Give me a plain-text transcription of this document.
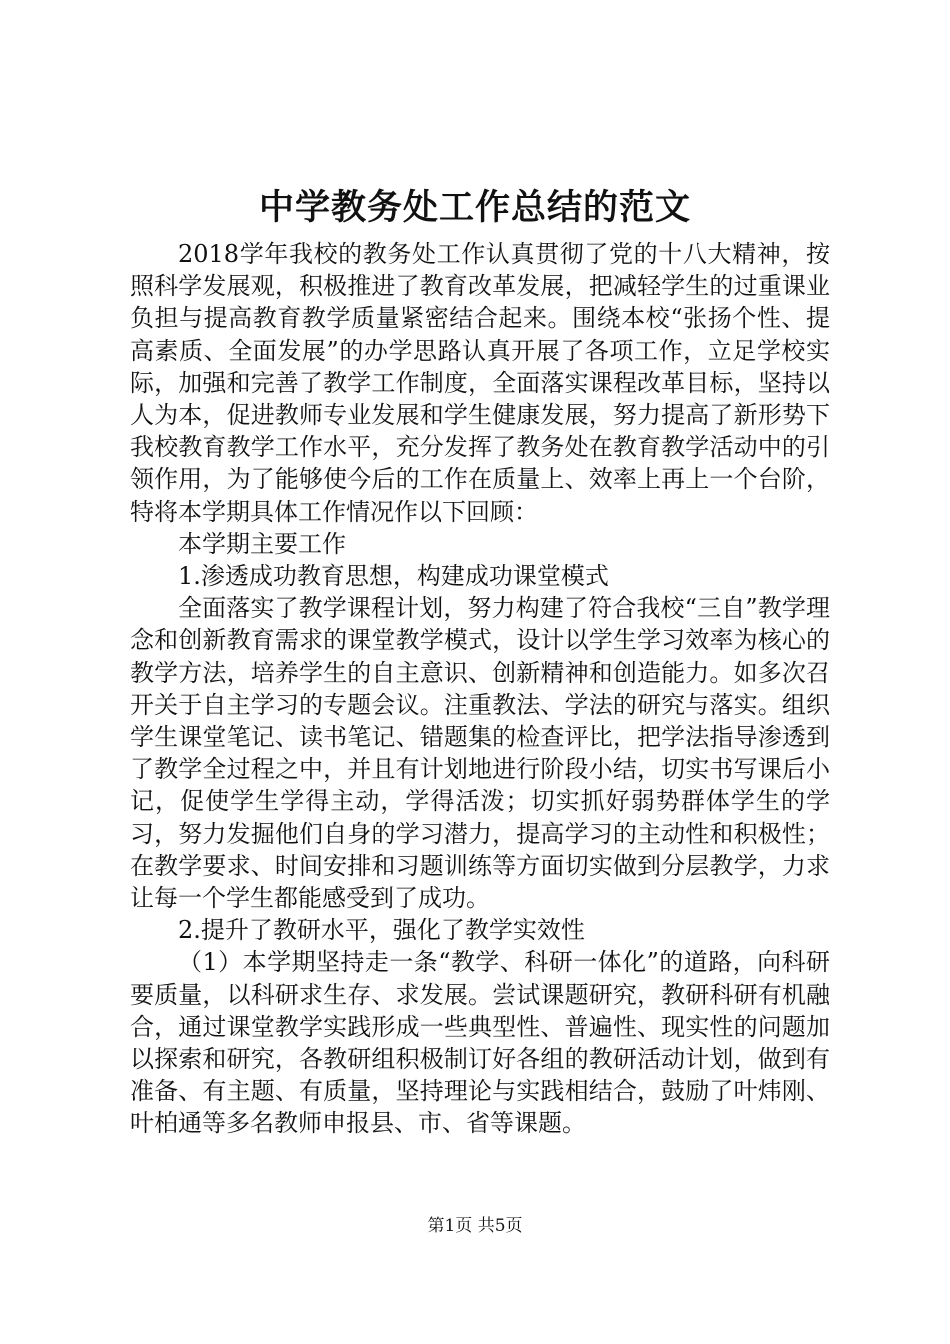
中学教务处工作总结的范文

2018学年我校的教务处工作认真贯彻了党的十八大精神，按照科学发展观，积极推进了教育改革发展，把减轻学生的过重课业负担与提高教育教学质量紧密结合起来。围绕本校“张扬个性、提高素质、全面发展”的办学思路认真开展了各项工作，立足学校实际，加强和完善了教学工作制度，全面落实课程改革目标，坚持以人为本，促进教师专业发展和学生健康发展，努力提高了新形势下我校教育教学工作水平，充分发挥了教务处在教育教学活动中的引领作用，为了能够使今后的工作在质量上、效率上再上一个台阶，特将本学期具体工作情况作以下回顾：

本学期主要工作

1.渗透成功教育思想，构建成功课堂模式

全面落实了教学课程计划，努力构建了符合我校“三自”教学理念和创新教育需求的课堂教学模式，设计以学生学习效率为核心的教学方法，培养学生的自主意识、创新精神和创造能力。如多次召开关于自主学习的专题会议。注重教法、学法的研究与落实。组织学生课堂笔记、读书笔记、错题集的检查评比，把学法指导渗透到了教学全过程之中，并且有计划地进行阶段小结，切实书写课后小记，促使学生学得主动，学得活泼；切实抓好弱势群体学生的学习，努力发掘他们自身的学习潜力，提高学习的主动性和积极性；在教学要求、时间安排和习题训练等方面切实做到分层教学，力求让每一个学生都能感受到了成功。

2.提升了教研水平，强化了教学实效性

（1）本学期坚持走一条“教学、科研一体化”的道路，向科研要质量，以科研求生存、求发展。尝试课题研究，教研科研有机融合，通过课堂教学实践形成一些典型性、普遍性、现实性的问题加以探索和研究，各教研组积极制订好各组的教研活动计划，做到有准备、有主题、有质量，坚持理论与实践相结合，鼓励了叶炜刚、叶柏通等多名教师申报县、市、省等课题。

第1页 共5页
